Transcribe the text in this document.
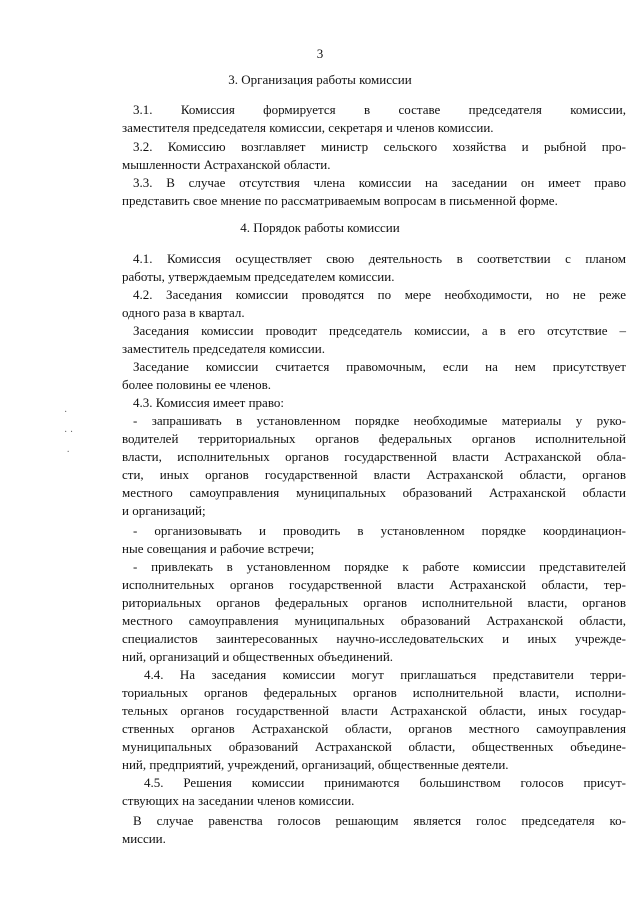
3
3. Организация работы комиссии
3.1. Комиссия формируется в составе председателя комиссии,
заместителя председателя комиссии, секретаря и членов комиссии.
3.2. Комиссию возглавляет министр сельского хозяйства и рыбной про-
мышленности Астраханской области.
3.3. В случае отсутствия члена комиссии на заседании он имеет право
представить свое мнение по рассматриваемым вопросам в письменной форме.
4. Порядок работы комиссии
4.1. Комиссия осуществляет свою деятельность в соответствии с планом
работы, утверждаемым председателем комиссии.
4.2. Заседания комиссии проводятся по мере необходимости, но не реже
одного раза в квартал.
Заседания комиссии проводит председатель комиссии, а в его отсутствие –
заместитель председателя комиссии.
Заседание комиссии считается правомочным, если на нем присутствует
более половины ее членов.
4.3. Комиссия имеет право:
- запрашивать в установленном порядке необходимые материалы у руко-
водителей территориальных органов федеральных органов исполнительной
власти, исполнительных органов государственной власти Астраханской обла-
сти, иных органов государственной власти Астраханской области, органов
местного самоуправления муниципальных образований Астраханской области
и организаций;
- организовывать и проводить в установленном порядке координацион-
ные совещания и рабочие встречи;
- привлекать в установленном порядке к работе комиссии представителей
исполнительных органов государственной власти Астраханской области, тер-
риториальных органов федеральных органов исполнительной власти, органов
местного самоуправления муниципальных образований Астраханской области,
специалистов заинтересованных научно-исследовательских и иных учрежде-
ний, организаций и общественных объединений.
4.4. На заседания комиссии могут приглашаться представители терри-
ториальных органов федеральных органов исполнительной власти, исполни-
тельных органов государственной власти Астраханской области, иных государ-
ственных органов Астраханской области, органов местного самоуправления
муниципальных образований Астраханской области, общественных объедине-
ний, предприятий, учреждений, организаций, общественные деятели.
4.5. Решения комиссии принимаются большинством голосов присут-
ствующих на заседании членов комиссии.
В случае равенства голосов решающим является голос председателя ко-
миссии.
·

· ·

·
